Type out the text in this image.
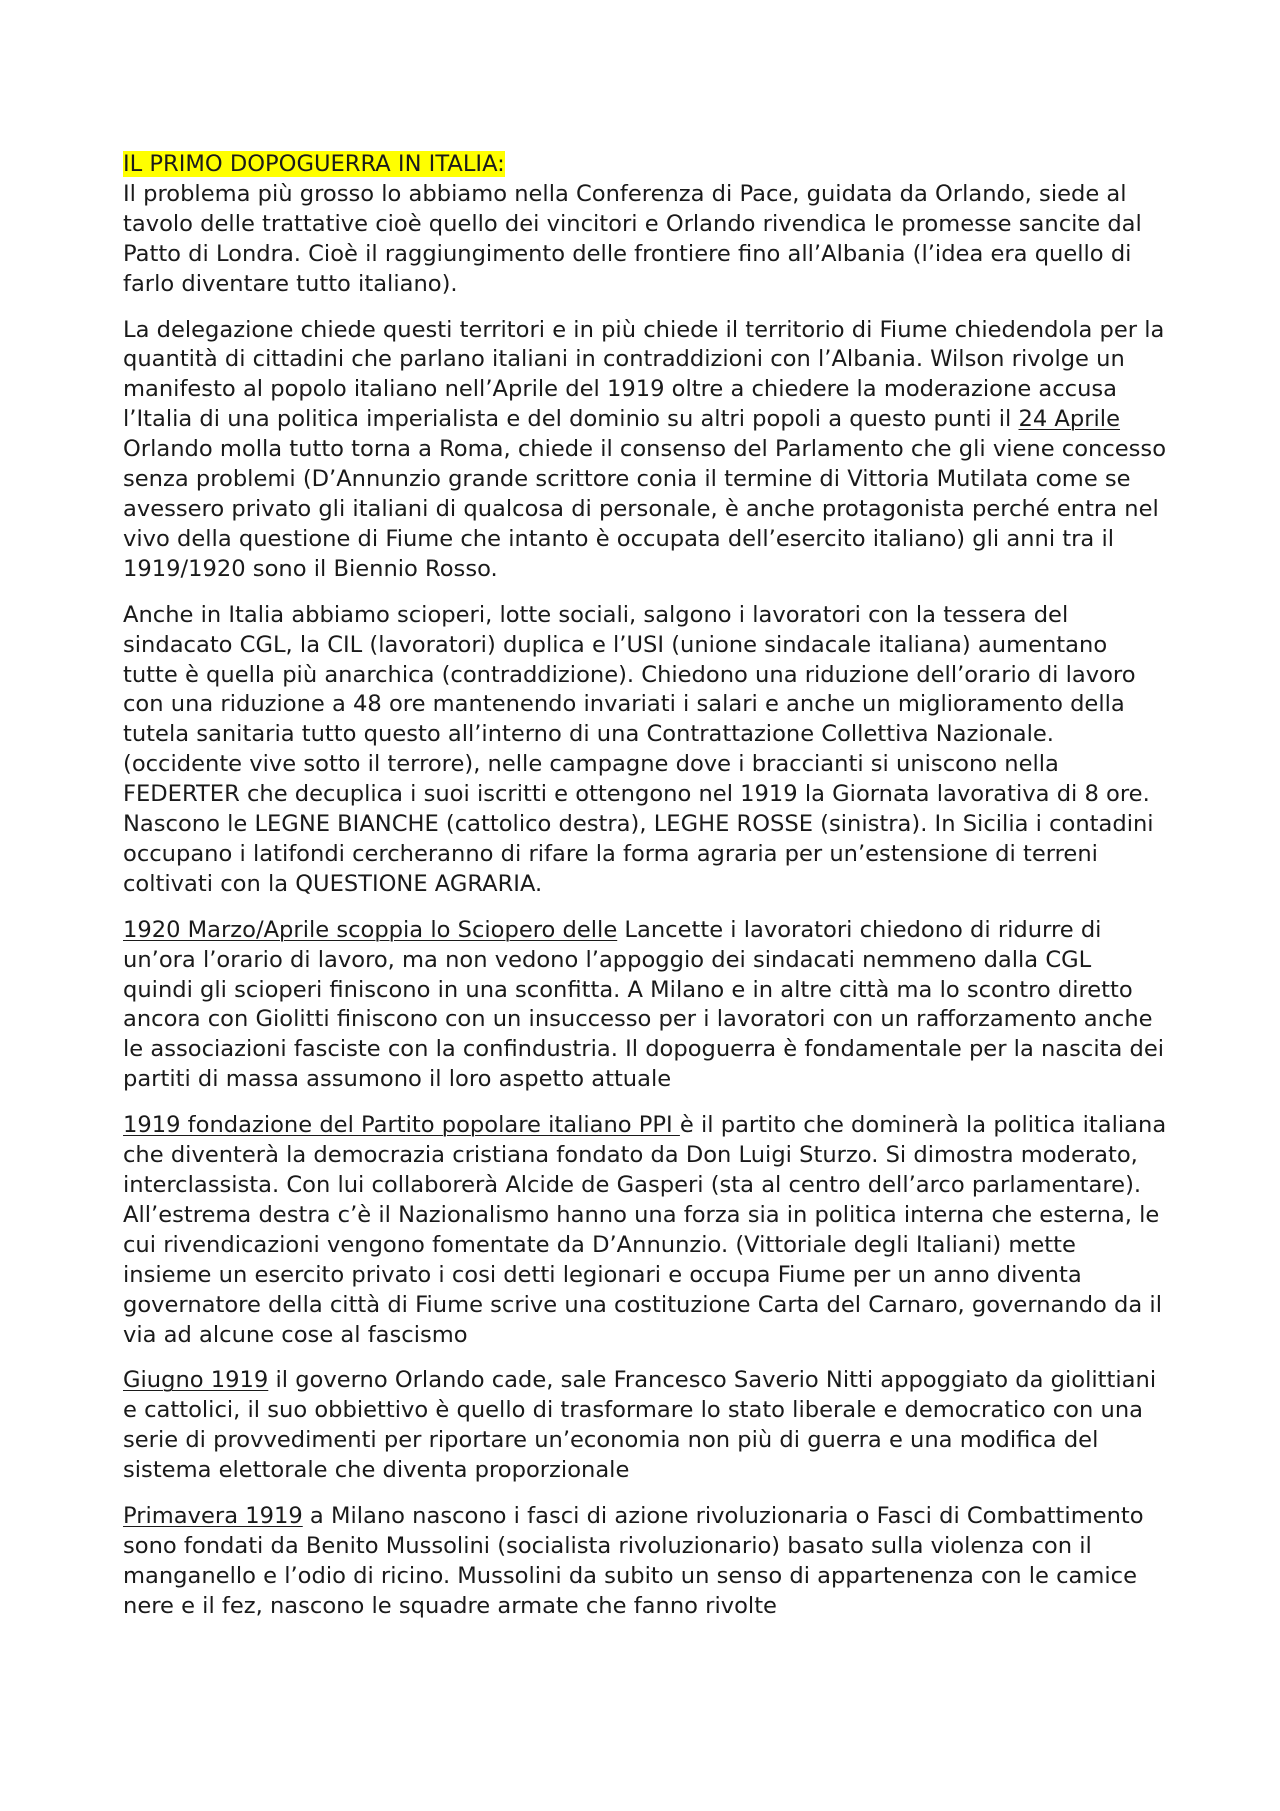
IL PRIMO DOPOGUERRA IN ITALIA:

Il problema più grosso lo abbiamo nella Conferenza di Pace, guidata da Orlando, siede al tavolo delle trattative cioè quello dei vincitori e Orlando rivendica le promesse sancite dal Patto di Londra. Cioè il raggiungimento delle frontiere fino all’Albania (l’idea era quello di farlo diventare tutto italiano).

La delegazione chiede questi territori e in più chiede il territorio di Fiume chiedendola per la quantità di cittadini che parlano italiani in contraddizioni con l’Albania. Wilson rivolge un manifesto al popolo italiano nell’Aprile del 1919 oltre a chiedere la moderazione accusa l’Italia di una politica imperialista e del dominio su altri popoli a questo punti il 24 Aprile Orlando molla tutto torna a Roma, chiede il consenso del Parlamento che gli viene concesso senza problemi (D’Annunzio grande scrittore conia il termine di Vittoria Mutilata come se avessero privato gli italiani di qualcosa di personale, è anche protagonista perché entra nel vivo della questione di Fiume che intanto è occupata dell’esercito italiano) gli anni tra il 1919/1920 sono il Biennio Rosso.

Anche in Italia abbiamo scioperi, lotte sociali, salgono i lavoratori con la tessera del sindacato CGL, la CIL (lavoratori) duplica e l’USI (unione sindacale italiana) aumentano tutte è quella più anarchica (contraddizione). Chiedono una riduzione dell’orario di lavoro con una riduzione a 48 ore mantenendo invariati i salari e anche un miglioramento della tutela sanitaria tutto questo all’interno di una Contrattazione Collettiva Nazionale. (occidente vive sotto il terrore), nelle campagne dove i braccianti si uniscono nella FEDERTER che decuplica i suoi iscritti e ottengono nel 1919 la Giornata lavorativa di 8 ore. Nascono le LEGNE BIANCHE (cattolico destra), LEGHE ROSSE (sinistra). In Sicilia i contadini occupano i latifondi cercheranno di rifare la forma agraria per un’estensione di terreni coltivati con la QUESTIONE AGRARIA.

1920 Marzo/Aprile scoppia lo Sciopero delle Lancette i lavoratori chiedono di ridurre di un’ora l’orario di lavoro, ma non vedono l’appoggio dei sindacati nemmeno dalla CGL quindi gli scioperi finiscono in una sconfitta. A Milano e in altre città ma lo scontro diretto ancora con Giolitti finiscono con un insuccesso per i lavoratori con un rafforzamento anche le associazioni fasciste con la confindustria. Il dopoguerra è fondamentale per la nascita dei partiti di massa assumono il loro aspetto attuale

1919 fondazione del Partito popolare italiano PPI è il partito che dominerà la politica italiana che diventerà la democrazia cristiana fondato da Don Luigi Sturzo. Si dimostra moderato, interclassista. Con lui collaborerà Alcide de Gasperi (sta al centro dell’arco parlamentare). All’estrema destra c’è il Nazionalismo hanno una forza sia in politica interna che esterna, le cui rivendicazioni vengono fomentate da D’Annunzio. (Vittoriale degli Italiani) mette insieme un esercito privato i cosi detti legionari e occupa Fiume per un anno diventa governatore della città di Fiume scrive una costituzione Carta del Carnaro, governando da il via ad alcune cose al fascismo

Giugno 1919 il governo Orlando cade, sale Francesco Saverio Nitti appoggiato da giolittiani e cattolici, il suo obbiettivo è quello di trasformare lo stato liberale e democratico con una serie di provvedimenti per riportare un’economia non più di guerra e una modifica del sistema elettorale che diventa proporzionale

Primavera 1919 a Milano nascono i fasci di azione rivoluzionaria o Fasci di Combattimento sono fondati da Benito Mussolini (socialista rivoluzionario) basato sulla violenza con il manganello e l’odio di ricino. Mussolini da subito un senso di appartenenza con le camice nere e il fez, nascono le squadre armate che fanno rivolte
